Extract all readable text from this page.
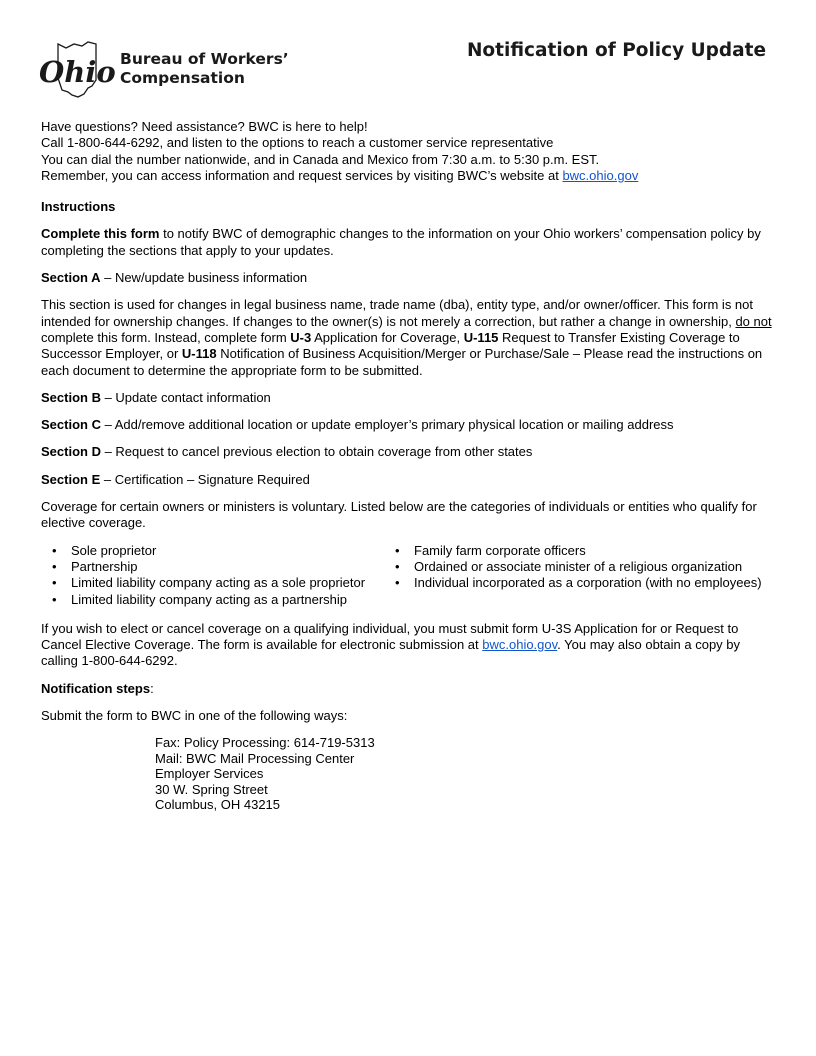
Ohio Bureau of Workers’
Compensation
Notification of Policy Update
Have questions? Need assistance? BWC is here to help!
Call 1-800-644-6292, and listen to the options to reach a customer service representative
You can dial the number nationwide, and in Canada and Mexico from 7:30 a.m. to 5:30 p.m. EST.
Remember, you can access information and request services by visiting BWC’s website at bwc.ohio.gov

Instructions

Complete this form to notify BWC of demographic changes to the information on your Ohio workers’ compensation policy by completing the sections that apply to your updates.

Section A – New/update business information

This section is used for changes in legal business name, trade name (dba), entity type, and/or owner/officer. This form is not intended for ownership changes. If changes to the owner(s) is not merely a correction, but rather a change in ownership, do not complete this form. Instead, complete form U-3 Application for Coverage, U-115 Request to Transfer Existing Coverage to Successor Employer, or U-118 Notification of Business Acquisition/Merger or Purchase/Sale – Please read the instructions on each document to determine the appropriate form to be submitted.

Section B – Update contact information

Section C – Add/remove additional location or update employer’s primary physical location or mailing address

Section D – Request to cancel previous election to obtain coverage from other states

Section E – Certification – Signature Required

Coverage for certain owners or ministers is voluntary. Listed below are the categories of individuals or entities who qualify for elective coverage.

• Sole proprietor
• Partnership
• Limited liability company acting as a sole proprietor
• Limited liability company acting as a partnership
• Family farm corporate officers
• Ordained or associate minister of a religious organization
• Individual incorporated as a corporation (with no employees)

If you wish to elect or cancel coverage on a qualifying individual, you must submit form U-3S Application for or Request to Cancel Elective Coverage. The form is available for electronic submission at bwc.ohio.gov. You may also obtain a copy by calling 1-800-644-6292.

Notification steps:

Submit the form to BWC in one of the following ways:

Fax: Policy Processing: 614-719-5313
Mail: BWC Mail Processing Center
Employer Services
30 W. Spring Street
Columbus, OH 43215
